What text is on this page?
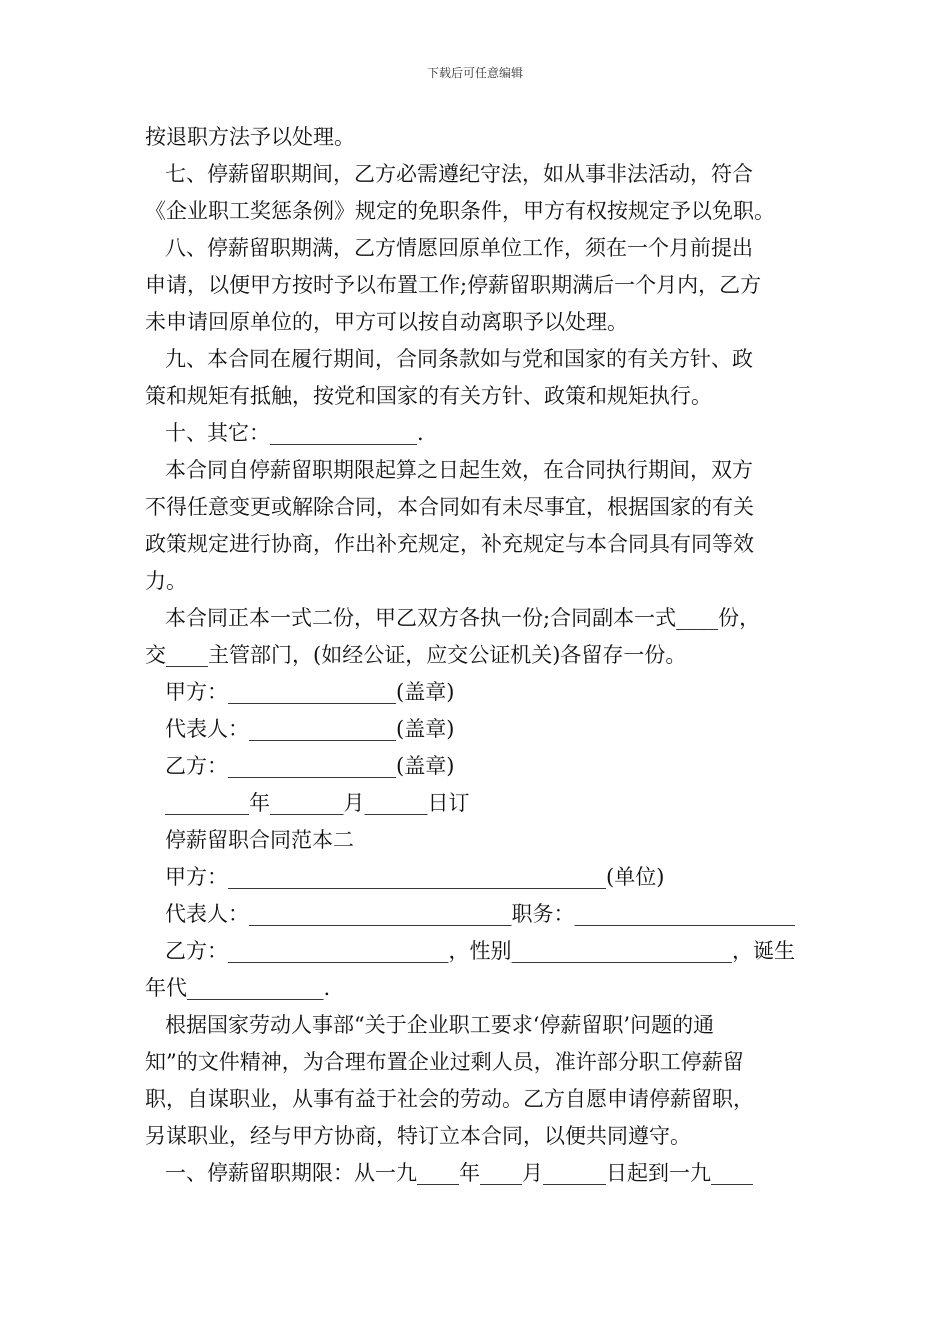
下载后可任意编辑
按退职方法予以处理。
七、停薪留职期间，乙方必需遵纪守法，如从事非法活动，符合
《企业职工奖惩条例》规定的免职条件，甲方有权按规定予以免职。
八、停薪留职期满，乙方情愿回原单位工作，须在一个月前提出
申请，以便甲方按时予以布置工作;停薪留职期满后一个月内，乙方
未申请回原单位的，甲方可以按自动离职予以处理。
九、本合同在履行期间，合同条款如与党和国家的有关方针、政
策和规矩有抵触，按党和国家的有关方针、政策和规矩执行。
十、其它：______________.
本合同自停薪留职期限起算之日起生效，在合同执行期间，双方
不得任意变更或解除合同，本合同如有未尽事宜，根据国家的有关
政策规定进行协商，作出补充规定，补充规定与本合同具有同等效
力。
本合同正本一式二份，甲乙双方各执一份;合同副本一式____份，
交____主管部门，(如经公证，应交公证机关)各留存一份。
甲方：________________(盖章)
代表人：______________(盖章)
乙方：________________(盖章)
________年_______月______日订
停薪留职合同范本二
甲方：____________________________________(单位)
代表人：_________________________职务：_____________________
乙方：_____________________，性别_____________________，诞生
年代_____________.
根据国家劳动人事部“关于企业职工要求‘停薪留职’问题的通
知”的文件精神，为合理布置企业过剩人员，准许部分职工停薪留
职，自谋职业，从事有益于社会的劳动。乙方自愿申请停薪留职，
另谋职业，经与甲方协商，特订立本合同，以便共同遵守。
一、停薪留职期限：从一九____年____月______日起到一九____
